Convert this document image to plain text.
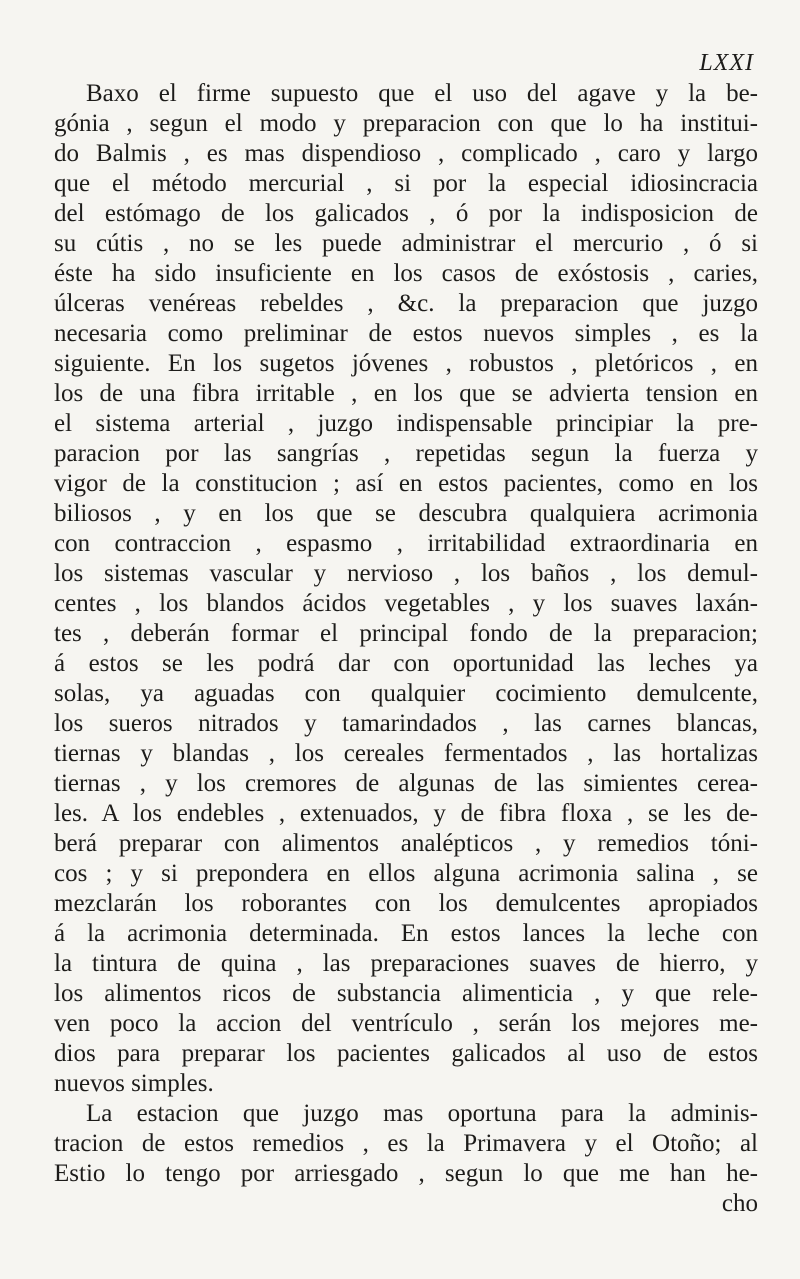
LXXI
Baxo el firme supuesto que el uso del agave y la be-
gónia , segun el modo y preparacion con que lo ha institui-
do Balmis , es mas dispendioso , complicado , caro y largo
que el método mercurial , si por la especial idiosincracia
del estómago de los galicados , ó por la indisposicion de
su cútis , no se les puede administrar el mercurio , ó si
éste ha sido insuficiente en los casos de exóstosis , caries,
úlceras venéreas rebeldes , &c. la preparacion que juzgo
necesaria como preliminar de estos nuevos simples , es la
siguiente. En los sugetos jóvenes , robustos , pletóricos , en
los de una fibra irritable , en los que se advierta tension en
el sistema arterial , juzgo indispensable principiar la pre-
paracion por las sangrías , repetidas segun la fuerza y
vigor de la constitucion ; así en estos pacientes, como en los
biliosos , y en los que se descubra qualquiera acrimonia
con contraccion , espasmo , irritabilidad extraordinaria en
los sistemas vascular y nervioso , los baños , los demul-
centes , los blandos ácidos vegetables , y los suaves laxán-
tes , deberán formar el principal fondo de la preparacion;
á estos se les podrá dar con oportunidad las leches ya
solas, ya aguadas con qualquier cocimiento demulcente,
los sueros nitrados y tamarindados , las carnes blancas,
tiernas y blandas , los cereales fermentados , las hortalizas
tiernas , y los cremores de algunas de las simientes cerea-
les. A los endebles , extenuados, y de fibra floxa , se les de-
berá preparar con alimentos analépticos , y remedios tóni-
cos ; y si prepondera en ellos alguna acrimonia salina , se
mezclarán los roborantes con los demulcentes apropiados
á la acrimonia determinada. En estos lances la leche con
la tintura de quina , las preparaciones suaves de hierro, y
los alimentos ricos de substancia alimenticia , y que rele-
ven poco la accion del ventrículo , serán los mejores me-
dios para preparar los pacientes galicados al uso de estos
nuevos simples.
La estacion que juzgo mas oportuna para la adminis-
tracion de estos remedios , es la Primavera y el Otoño; al
Estio lo tengo por arriesgado , segun lo que me han he-
cho
